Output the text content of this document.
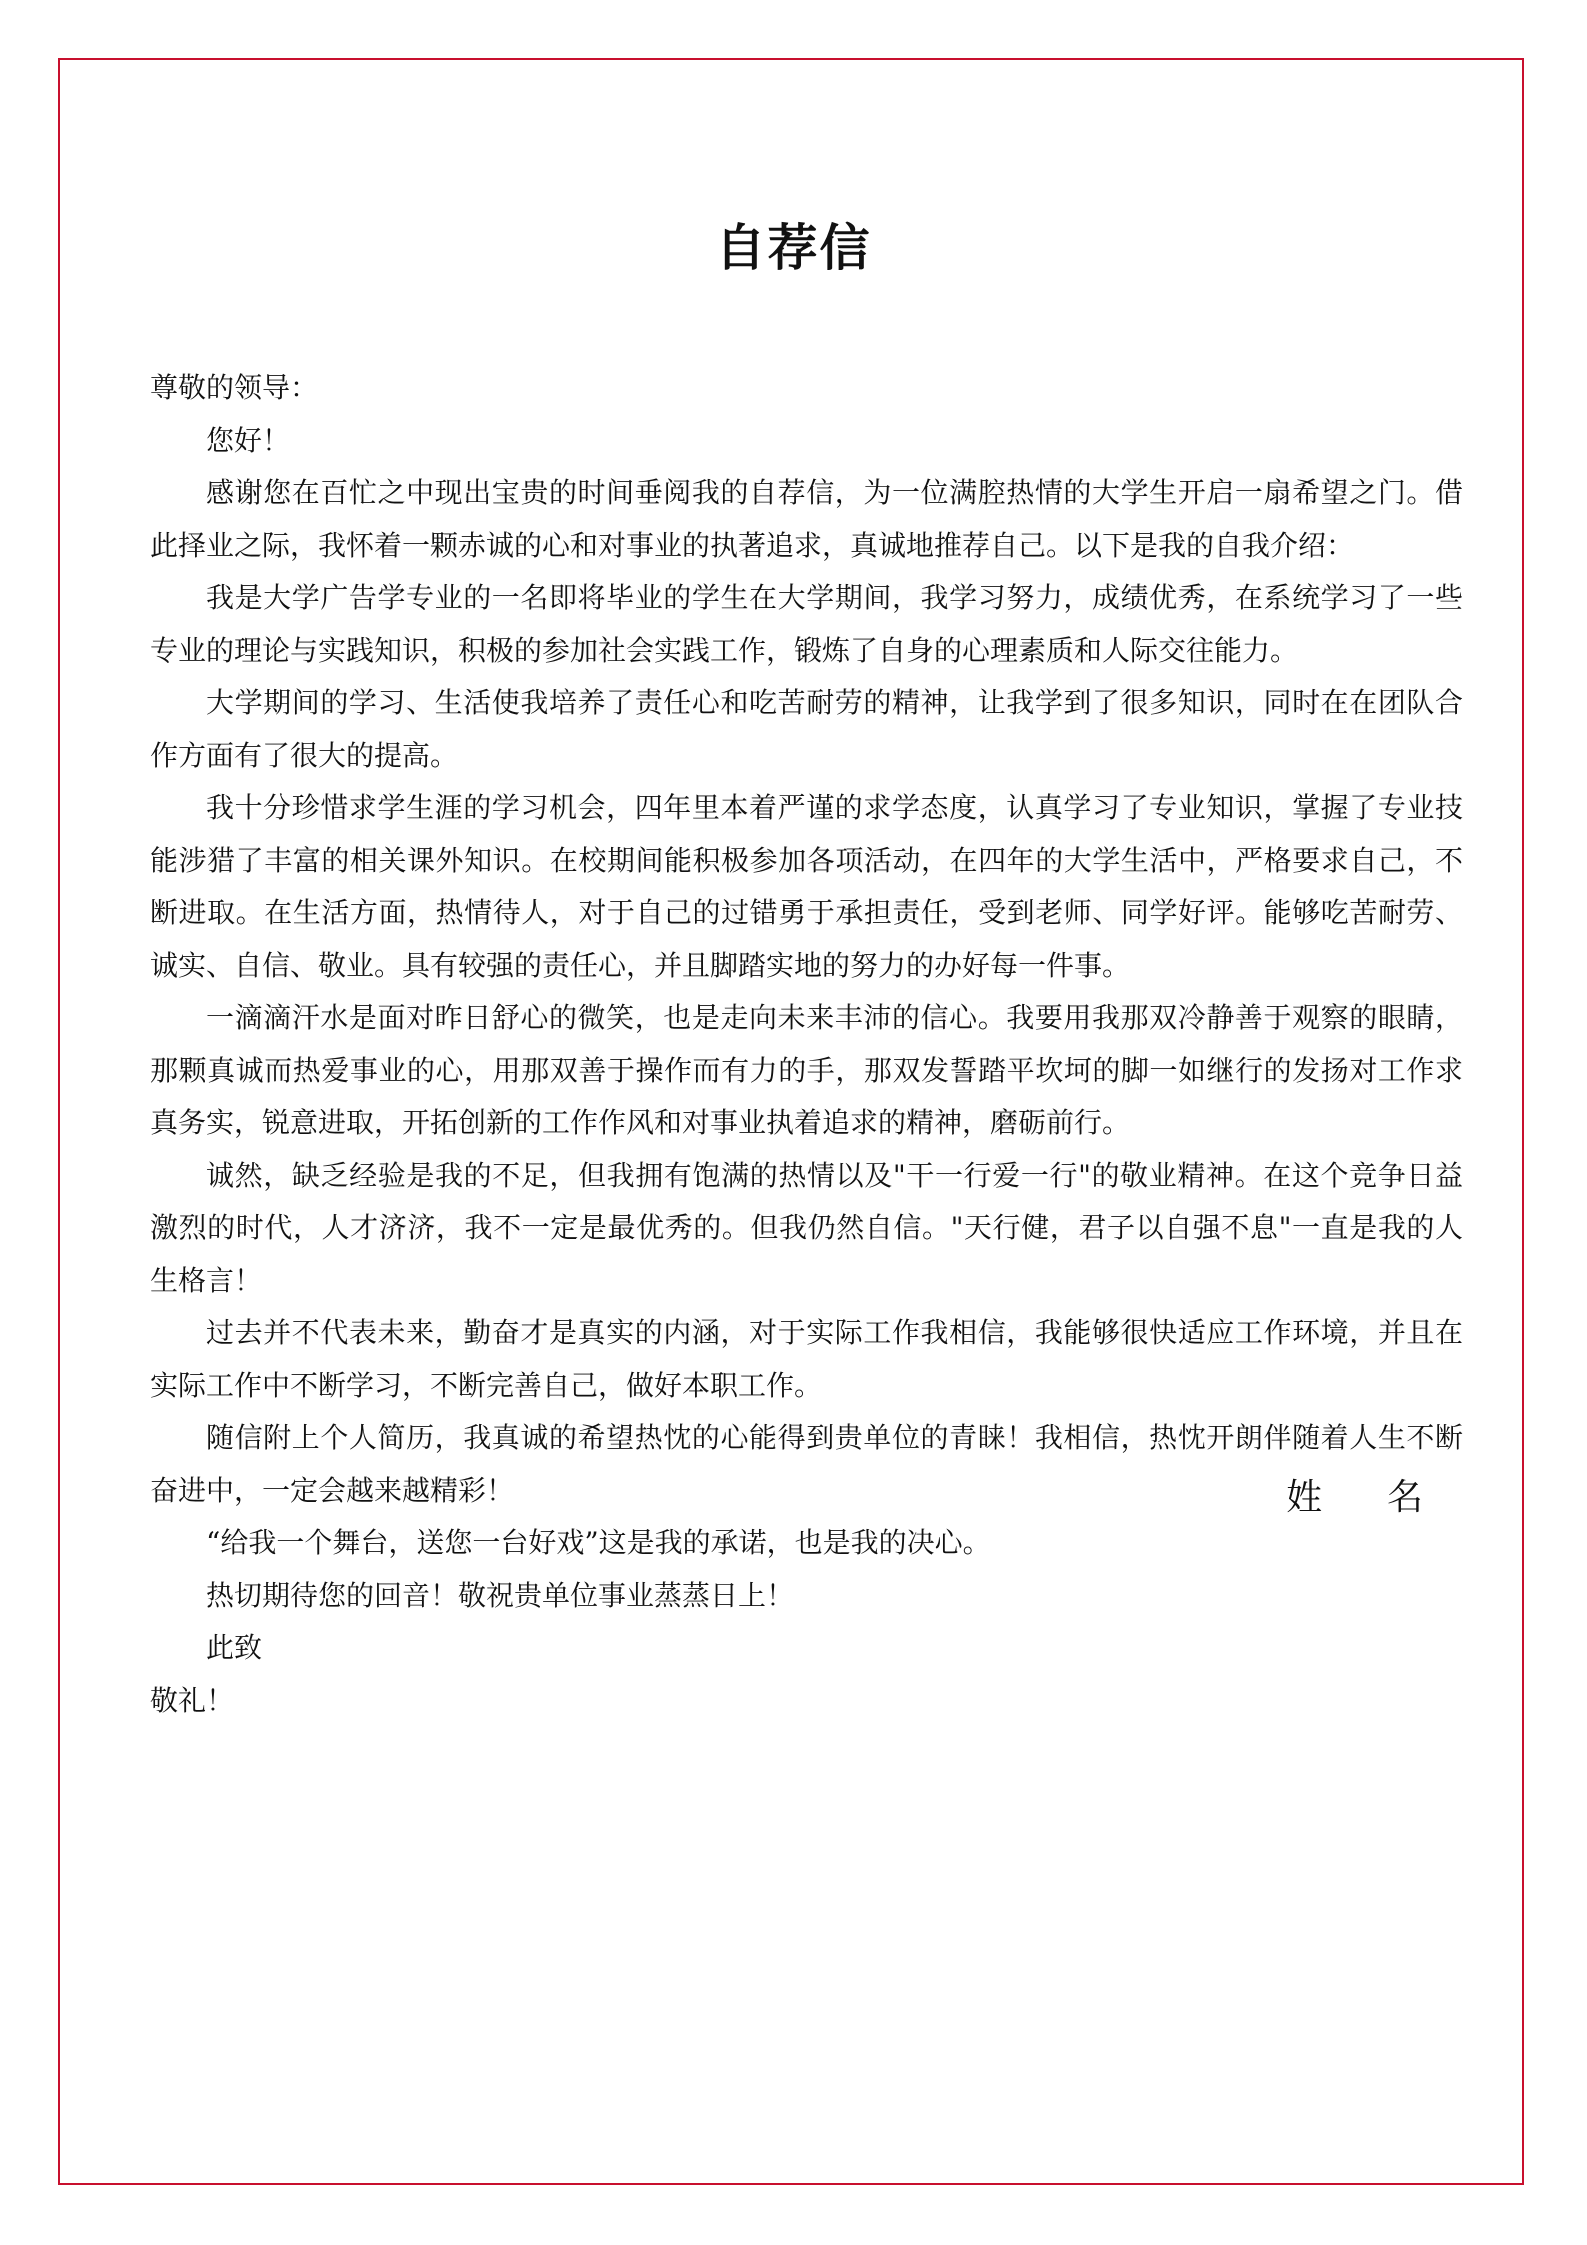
自荐信

尊敬的领导：

您好！

感谢您在百忙之中现出宝贵的时间垂阅我的自荐信，为一位满腔热情的大学生开启一扇希望之门。借此择业之际，我怀着一颗赤诚的心和对事业的执著追求，真诚地推荐自己。以下是我的自我介绍：

我是大学广告学专业的一名即将毕业的学生在大学期间，我学习努力，成绩优秀，在系统学习了一些专业的理论与实践知识，积极的参加社会实践工作，锻炼了自身的心理素质和人际交往能力。

大学期间的学习、生活使我培养了责任心和吃苦耐劳的精神，让我学到了很多知识，同时在在团队合作方面有了很大的提高。

我十分珍惜求学生涯的学习机会，四年里本着严谨的求学态度，认真学习了专业知识，掌握了专业技能涉猎了丰富的相关课外知识。在校期间能积极参加各项活动，在四年的大学生活中，严格要求自己，不断进取。在生活方面，热情待人，对于自己的过错勇于承担责任，受到老师、同学好评。能够吃苦耐劳、诚实、自信、敬业。具有较强的责任心，并且脚踏实地的努力的办好每一件事。

一滴滴汗水是面对昨日舒心的微笑，也是走向未来丰沛的信心。我要用我那双冷静善于观察的眼睛，那颗真诚而热爱事业的心，用那双善于操作而有力的手，那双发誓踏平坎坷的脚一如继行的发扬对工作求真务实，锐意进取，开拓创新的工作作风和对事业执着追求的精神，磨砺前行。

诚然，缺乏经验是我的不足，但我拥有饱满的热情以及"干一行爱一行"的敬业精神。在这个竞争日益激烈的时代，人才济济，我不一定是最优秀的。但我仍然自信。"天行健，君子以自强不息"一直是我的人生格言！

过去并不代表未来，勤奋才是真实的内涵，对于实际工作我相信，我能够很快适应工作环境，并且在实际工作中不断学习，不断完善自己，做好本职工作。

随信附上个人简历，我真诚的希望热忱的心能得到贵单位的青睐！我相信，热忱开朗伴随着人生不断奋进中，一定会越来越精彩！

“给我一个舞台，送您一台好戏”这是我的承诺，也是我的决心。

热切期待您的回音！敬祝贵单位事业蒸蒸日上！

此致

敬礼！

姓  名
